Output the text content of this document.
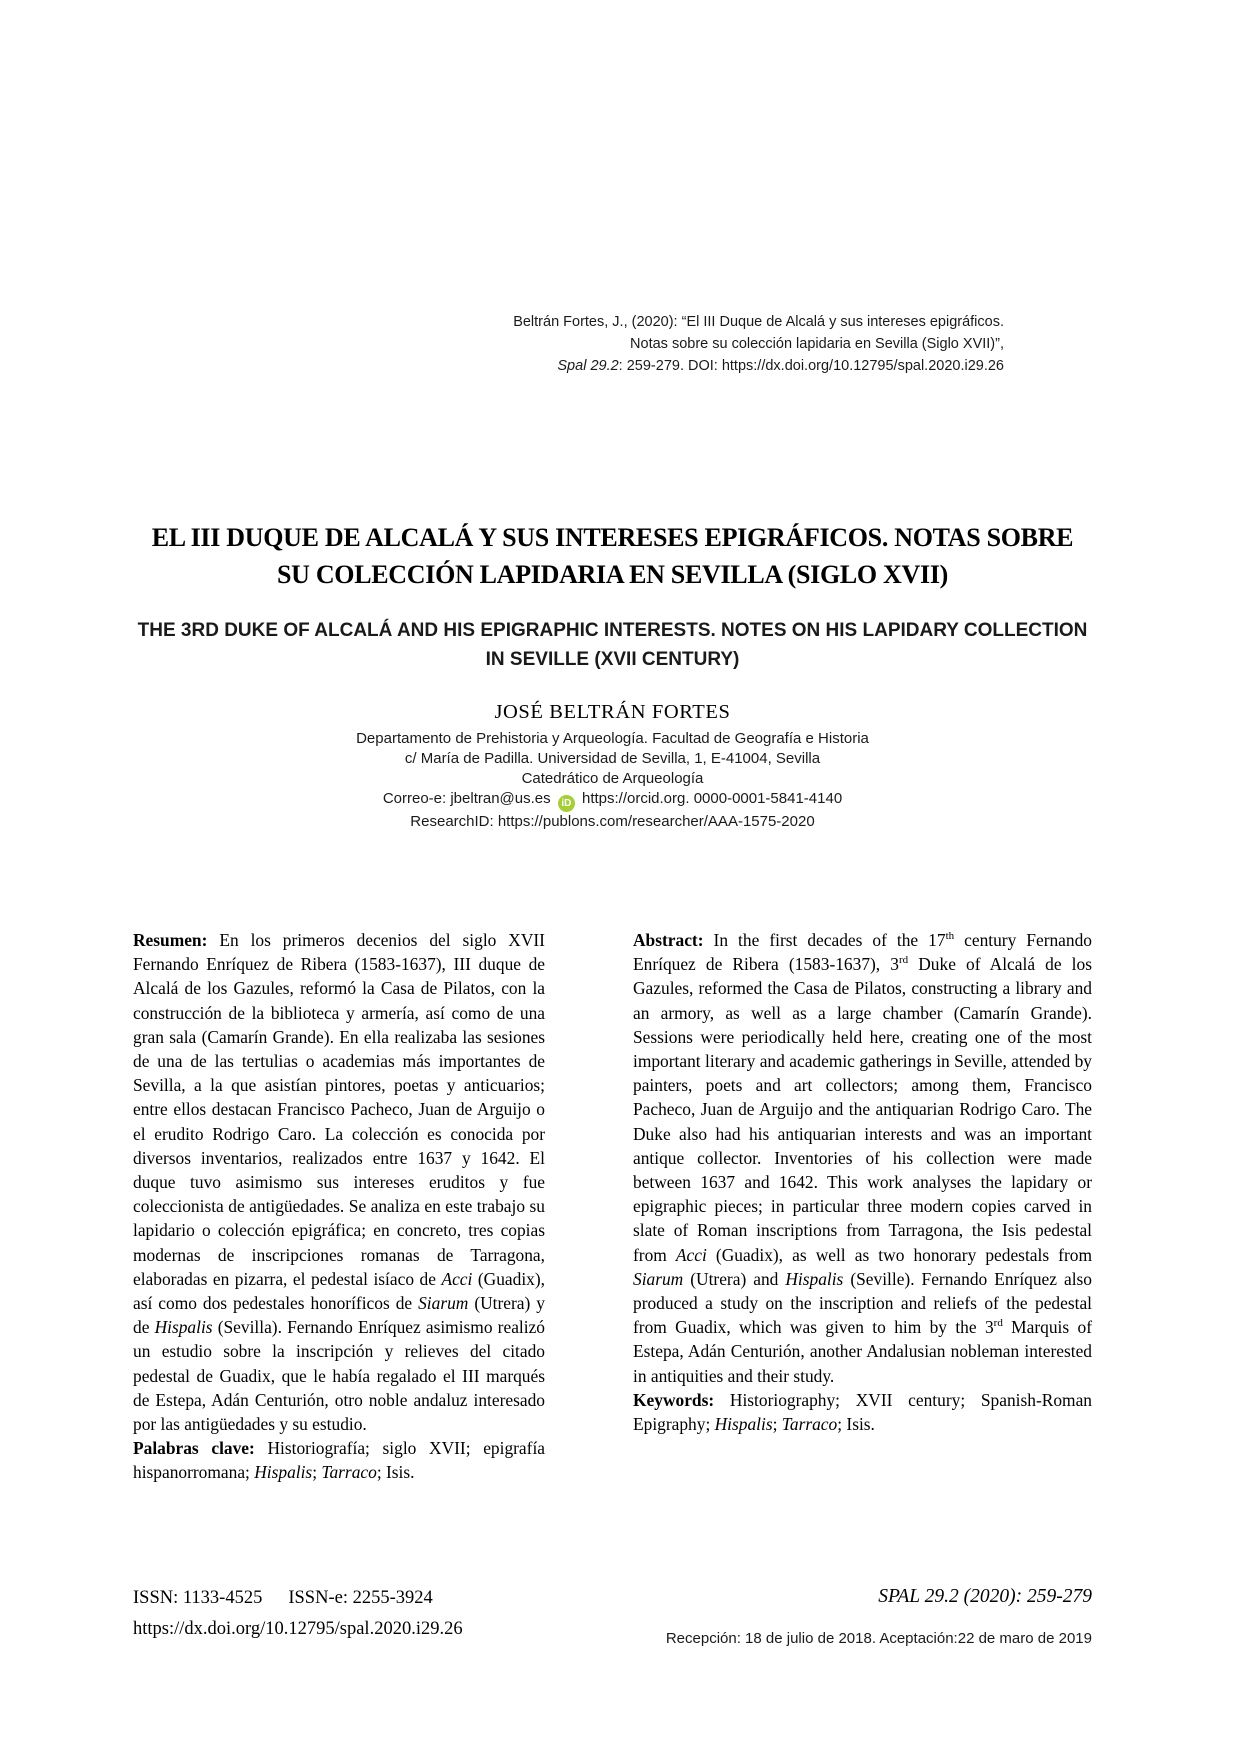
Beltrán Fortes, J., (2020): “El III Duque de Alcalá y sus intereses epigráficos.
Notas sobre su colección lapidaria en Sevilla (Siglo XVII)”,
Spal 29.2: 259-279. DOI: https://dx.doi.org/10.12795/spal.2020.i29.26
EL III DUQUE DE ALCALÁ Y SUS INTERESES EPIGRÁFICOS. NOTAS SOBRE SU COLECCIÓN LAPIDARIA EN SEVILLA (SIGLO XVII)
THE 3RD DUKE OF ALCALÁ AND HIS EPIGRAPHIC INTERESTS. NOTES ON HIS LAPIDARY COLLECTION IN SEVILLE (XVII CENTURY)
JOSÉ BELTRÁN FORTES
Departamento de Prehistoria y Arqueología. Facultad de Geografía e Historia
c/ María de Padilla. Universidad de Sevilla, 1, E-41004, Sevilla
Catedrático de Arqueología
Correo-e: jbeltran@us.es iD https://orcid.org. 0000-0001-5841-4140
ResearchID: https://publons.com/researcher/AAA-1575-2020

Resumen: En los primeros decenios del siglo XVII Fernando Enríquez de Ribera (1583-1637), III duque de Alcalá de los Gazules, reformó la Casa de Pilatos, con la construcción de la biblioteca y armería, así como de una gran sala (Camarín Grande). En ella realizaba las sesiones de una de las tertulias o academias más importantes de Sevilla, a la que asistían pintores, poetas y anticuarios; entre ellos destacan Francisco Pacheco, Juan de Arguijo o el erudito Rodrigo Caro. La colección es conocida por diversos inventarios, realizados entre 1637 y 1642. El duque tuvo asimismo sus intereses eruditos y fue coleccionista de antigüedades. Se analiza en este trabajo su lapidario o colección epigráfica; en concreto, tres copias modernas de inscripciones romanas de Tarragona, elaboradas en pizarra, el pedestal isíaco de Acci (Guadix), así como dos pedestales honoríficos de Siarum (Utrera) y de Hispalis (Sevilla). Fernando Enríquez asimismo realizó un estudio sobre la inscripción y relieves del citado pedestal de Guadix, que le había regalado el III marqués de Estepa, Adán Centurión, otro noble andaluz interesado por las antigüedades y su estudio.

Palabras clave: Historiografía; siglo XVII; epigrafía hispanorromana; Hispalis; Tarraco; Isis.

Abstract: In the first decades of the 17th century Fernando Enríquez de Ribera (1583-1637), 3rd Duke of Alcalá de los Gazules, reformed the Casa de Pilatos, constructing a library and an armory, as well as a large chamber (Camarín Grande). Sessions were periodically held here, creating one of the most important literary and academic gatherings in Seville, attended by painters, poets and art collectors; among them, Francisco Pacheco, Juan de Arguijo and the antiquarian Rodrigo Caro. The Duke also had his antiquarian interests and was an important antique collector. Inventories of his collection were made between 1637 and 1642. This work analyses the lapidary or epigraphic pieces; in particular three modern copies carved in slate of Roman inscriptions from Tarragona, the Isis pedestal from Acci (Guadix), as well as two honorary pedestals from Siarum (Utrera) and Hispalis (Seville). Fernando Enríquez also produced a study on the inscription and reliefs of the pedestal from Guadix, which was given to him by the 3rd Marquis of Estepa, Adán Centurión, another Andalusian nobleman interested in antiquities and their study.

Keywords: Historiography; XVII century; Spanish-Roman Epigraphy; Hispalis; Tarraco; Isis.

ISSN: 1133-4525 ISSN-e: 2255-3924
https://dx.doi.org/10.12795/spal.2020.i29.26
SPAL 29.2 (2020): 259-279
Recepción: 18 de julio de 2018. Aceptación:22 de maro de 2019
